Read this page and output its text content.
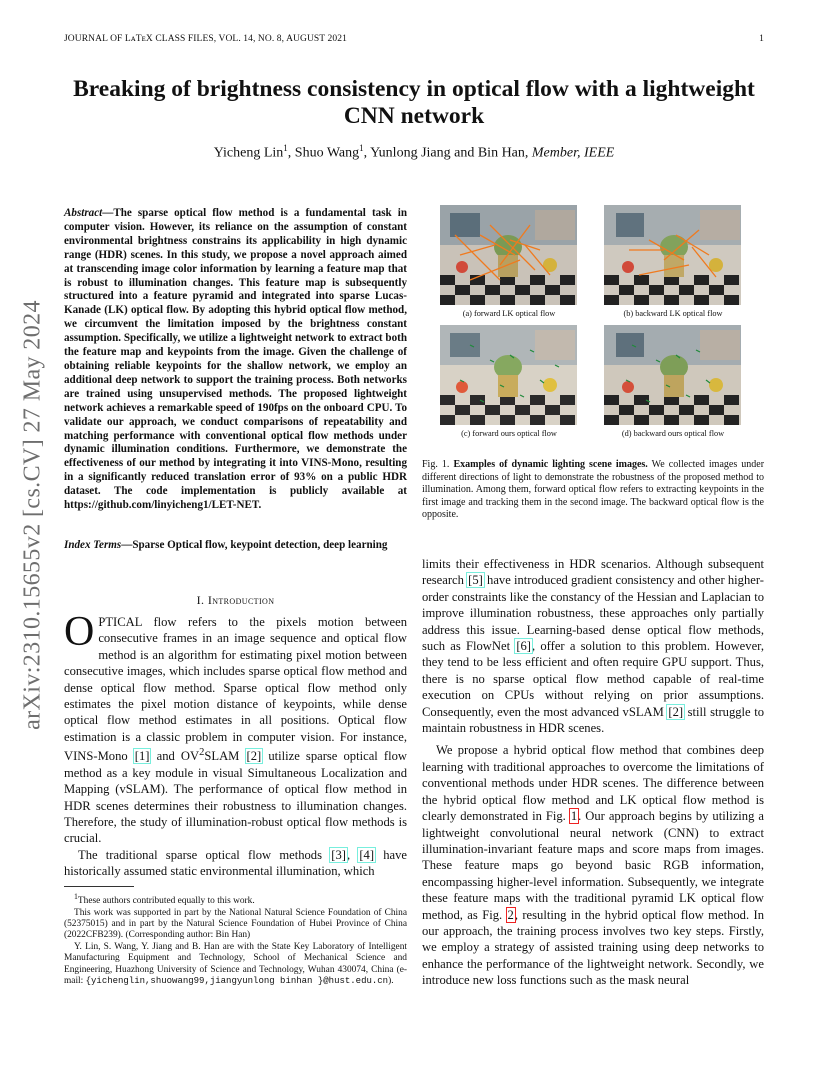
JOURNAL OF LᴀTᴇX CLASS FILES, VOL. 14, NO. 8, AUGUST 2021	1
arXiv:2310.15655v2 [cs.CV] 27 May 2024
Breaking of brightness consistency in optical flow with a lightweight CNN network
Yicheng Lin$^1$, Shuo Wang$^1$, Yunlong Jiang and Bin Han, Member, IEEE
Abstract—The sparse optical flow method is a fundamental task in computer vision. However, its reliance on the assumption of constant environmental brightness constrains its applicability in high dynamic range (HDR) scenes. In this study, we propose a novel approach aimed at transcending image color information by learning a feature map that is robust to illumination changes. This feature map is subsequently structured into a feature pyramid and integrated into sparse Lucas-Kanade (LK) optical flow. By adopting this hybrid optical flow method, we circumvent the limitation imposed by the brightness constant assumption. Specifically, we utilize a lightweight network to extract both the feature map and keypoints from the image. Given the challenge of obtaining reliable keypoints for the shallow network, we employ an additional deep network to support the training process. Both networks are trained using unsupervised methods. The proposed lightweight network achieves a remarkable speed of 190fps on the onboard CPU. To validate our approach, we conduct comparisons of repeatability and matching performance with conventional optical flow methods under dynamic illumination conditions. Furthermore, we demonstrate the effectiveness of our method by integrating it into VINS-Mono, resulting in a significantly reduced translation error of 93% on a public HDR dataset. The code implementation is publicly available at https://github.com/linyicheng1/LET-NET.
Index Terms—Sparse Optical flow, keypoint detection, deep learning
I. Introduction

OPTICAL flow refers to the pixels motion between consecutive frames in an image sequence and optical flow method is an algorithm for estimating pixel motion between consecutive images, which includes sparse optical flow method and dense optical flow method. Sparse optical flow method only estimates the pixel motion distance of keypoints, while dense optical flow method estimates in all positions. Optical flow estimation is a classic problem in computer vision. For instance, VINS-Mono [1] and $OV^2SLAM$ [2] utilize sparse optical flow method as a key module in visual Simultaneous Localization and Mapping (vSLAM). The performance of optical flow method in HDR scenes determines their robustness to illumination changes. Therefore, the study of illumination-robust optical flow methods is crucial.

The traditional sparse optical flow methods [3], [4] have historically assumed static environmental illumination, which

$^1$These authors contributed equally to this work.

This work was supported in part by the National Natural Science Foundation of China (52375015) and in part by the Natural Science Foundation of Hubei Province of China (2022CFB239). (Corresponding author: Bin Han)

Y. Lin, S. Wang, Y. Jiang and B. Han are with the State Key Laboratory of Intelligent Manufacturing Equipment and Technology, School of Mechanical Science and Engineering, Huazhong University of Science and Technology, Wuhan 430074, China (e-mail: {yichenglin,shuowang99,jiangyunlong binhan }@hust.edu.cn).

(a) forward LK optical flow	(b) backward LK optical flow
(c) forward ours optical flow	(d) backward ours optical flow
Fig. 1. Examples of dynamic lighting scene images. We collected images under different directions of light to demonstrate the robustness of the proposed method to illumination. Among them, forward optical flow refers to extracting keypoints in the first image and tracking them in the second image. The backward optical flow is the opposite.

limits their effectiveness in HDR scenarios. Although subsequent research [5] have introduced gradient consistency and other higher-order constraints like the constancy of the Hessian and Laplacian to improve illumination robustness, these approaches only partially address this issue. Learning-based dense optical flow methods, such as FlowNet [6], offer a solution to this problem. However, they tend to be less efficient and often require GPU support. Thus, there is no sparse optical flow method capable of real-time execution on CPUs without relying on prior assumptions. Consequently, even the most advanced vSLAM [2] still struggle to maintain robustness in HDR scenes.

We propose a hybrid optical flow method that combines deep learning with traditional approaches to overcome the limitations of conventional methods under HDR scenes. The difference between the hybrid optical flow method and LK optical flow method is clearly demonstrated in Fig. 1. Our approach begins by utilizing a lightweight convolutional neural network (CNN) to extract illumination-invariant feature maps and score maps from images. These feature maps go beyond basic RGB information, encompassing higher-level information. Subsequently, we integrate these feature maps with the traditional pyramid LK optical flow method, as Fig. 2, resulting in the hybrid optical flow method. In our approach, the training process involves two key steps. Firstly, we employ a strategy of assisted training using deep networks to enhance the performance of the lightweight network. Secondly, we introduce new loss functions such as the mask neural
